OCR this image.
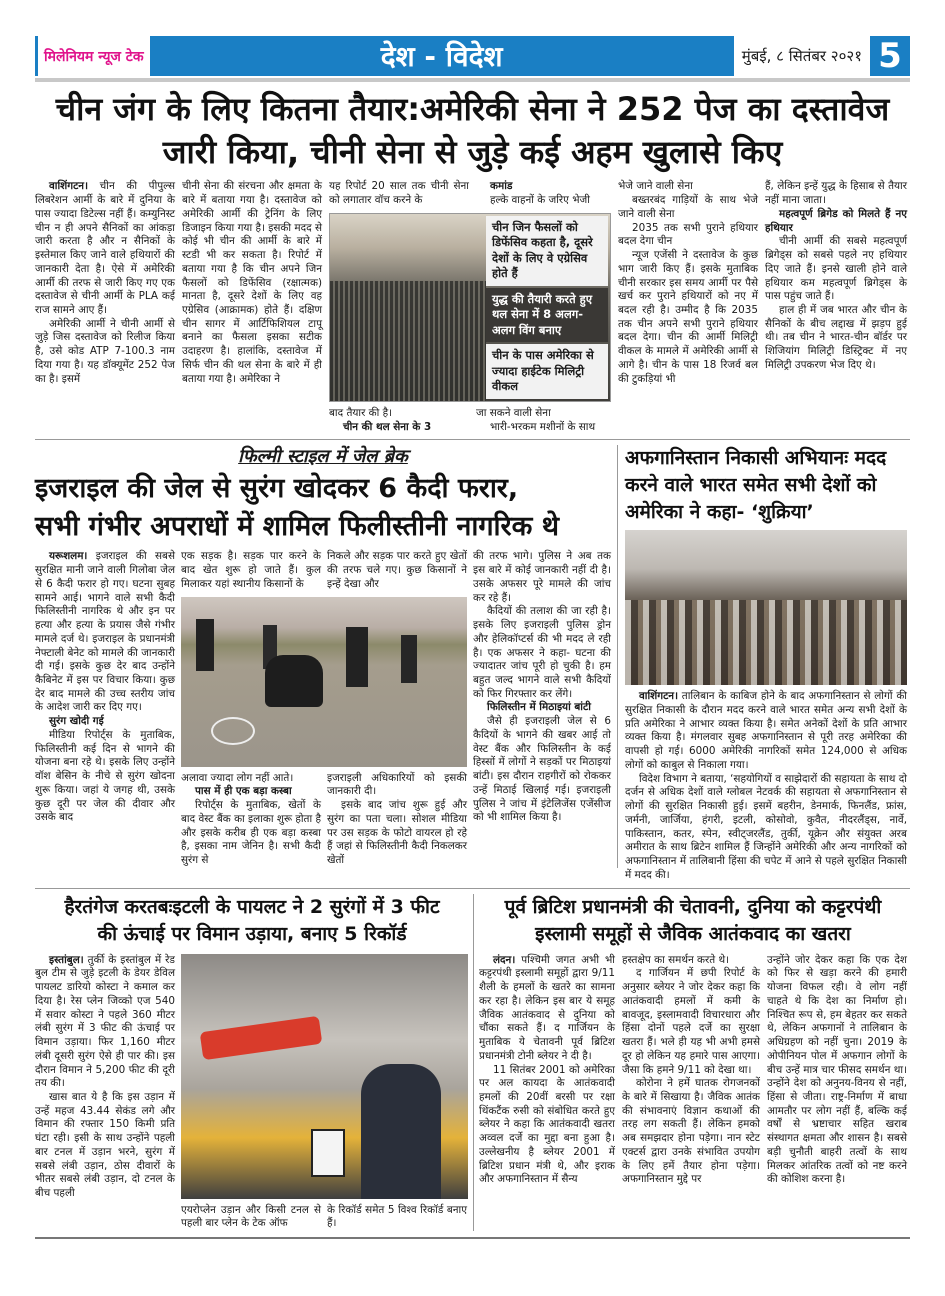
मिलेनियम न्यूज टेक	देश - विदेश	मुंबई, ८ सितंबर २०२१ 5
चीन जंग के लिए कितना तैयार:अमेरिकी सेना ने 252 पेज का दस्तावेज
जारी किया, चीनी सेना से जुड़े कई अहम खुलासे किए

वाशिंगटन। चीन की पीपुल्स लिबरेशन आर्मी के बारे में दुनिया के पास ज्यादा डिटेल्स नहीं हैं। कम्युनिस्ट चीन न ही अपने सैनिकों का आंकड़ा जारी करता है और न सैनिकों के इस्तेमाल किए जाने वाले हथियारों की जानकारी देता है। ऐसे में अमेरिकी आर्मी की तरफ से जारी किए गए एक दस्तावेज से चीनी आर्मी के PLA कई राज सामने आए हैं।

अमेरिकी आर्मी ने चीनी आर्मी से जुड़े जिस दस्तावेज को रिलीज किया है, उसे कोड ATP 7-100.3 नाम दिया गया है। यह डॉक्यूमेंट 252 पेज का है। इसमें

चीनी सेना की संरचना और क्षमता के बारे में बताया गया है। दस्तावेज को अमेरिकी आर्मी की ट्रेनिंग के लिए डिजाइन किया गया है। इसकी मदद से कोई भी चीन की आर्मी के बारे में स्टडी भी कर सकता है। रिपोर्ट में बताया गया है कि चीन अपने जिन फैसलों को डिफेंसिव (रक्षात्मक) मानता है, दूसरे देशों के लिए वह एग्रेसिव (आक्रामक) होते हैं। दक्षिण चीन सागर में आर्टिफिशियल टापू बनाने का फैसला इसका सटीक उदाहरण है। हालांकि, दस्तावेज में सिर्फ चीन की थल सेना के बारे में ही बताया गया है। अमेरिका ने

यह रिपोर्ट 20 साल तक चीनी सेना को लगातार वॉच करने के

कमांड

हल्के वाहनों के जरिए भेजी

चीन जिन फैसलों को डिफेंसिव कहता है, दूसरे देशों के लिए वे एग्रेसिव होते हैं
युद्ध की तैयारी करते हुए थल सेना में 8 अलग-अलग विंग बनाए
चीन के पास अमेरिका से ज्यादा हाईटेक मिलिट्री वीकल

बाद तैयार की है।

चीन की थल सेना के 3

जा सकने वाली सेना

भारी-भरकम मशीनों के साथ

भेजे जाने वाली सेना

बख्तरबंद गाड़ियों के साथ भेजे जाने वाली सेना

2035 तक सभी पुराने हथियार बदल देगा चीन

न्यूज एजेंसी ने दस्तावेज के कुछ भाग जारी किए हैं। इसके मुताबिक चीनी सरकार इस समय आर्मी पर पैसे खर्च कर पुराने हथियारों को नए में बदल रही है। उम्मीद है कि 2035 तक चीन अपने सभी पुराने हथियार बदल देगा। चीन की आर्मी मिलिट्री वीकल के मामले में अमेरिकी आर्मी से आगे है। चीन के पास 18 रिजर्व बल की टुकड़ियां भी

हैं, लेकिन इन्हें युद्ध के हिसाब से तैयार नहीं माना जाता।

महत्वपूर्ण ब्रिगेड को मिलते हैं नए हथियार

चीनी आर्मी की सबसे महत्वपूर्ण ब्रिगेड्स को सबसे पहले नए हथियार दिए जाते हैं। इनसे खाली होने वाले हथियार कम महत्वपूर्ण ब्रिगेड्स के पास पहुंच जाते हैं।

हाल ही में जब भारत और चीन के सैनिकों के बीच लद्दाख में झड़प हुई थी। तब चीन ने भारत-चीन बॉर्डर पर शिजियांग मिलिट्री डिस्ट्रिक्ट में नए मिलिट्री उपकरण भेज दिए थे।

फिल्मी स्टाइल में जेल ब्रेक
इजराइल की जेल से सुरंग खोदकर 6 कैदी फरार,
सभी गंभीर अपराधों में शामिल फिलीस्तीनी नागरिक थे

यरूशलम। इजराइल की सबसे सुरक्षित मानी जाने वाली गिलोबा जेल से 6 कैदी फरार हो गए। घटना सुबह सामने आई। भागने वाले सभी कैदी फिलिस्तीनी नागरिक थे और इन पर हत्या और हत्या के प्रयास जैसे गंभीर मामले दर्ज थे। इजराइल के प्रधानमंत्री नेफ्टाली बेनेट को मामले की जानकारी दी गई। इसके कुछ देर बाद उन्होंने कैबिनेट में इस पर विचार किया। कुछ देर बाद मामले की उच्च स्तरीय जांच के आदेश जारी कर दिए गए।

सुरंग खोदी गई

मीडिया रिपोर्ट्स के मुताबिक, फिलिस्तीनी कई दिन से भागने की योजना बना रहे थे। इसके लिए उन्होंने वॉश बेसिन के नीचे से सुरंग खोदना शुरू किया। जहां ये जगह थी, उसके कुछ दूरी पर जेल की दीवार और उसके बाद

एक सड़क है। सड़क पार करने के बाद खेत शुरू हो जाते हैं। कुल मिलाकर यहां स्थानीय किसानों के

निकले और सड़क पार करते हुए खेतों की तरफ चले गए। कुछ किसानों ने इन्हें देखा और

अलावा ज्यादा लोग नहीं आते।

पास में ही एक बड़ा कस्बा

रिपोर्ट्स के मुताबिक, खेतों के बाद वेस्ट बैंक का इलाका शुरू होता है और इसके करीब ही एक बड़ा कस्बा है, इसका नाम जेनिन है। सभी कैदी सुरंग से

इजराइली अधिकारियों को इसकी जानकारी दी।

इसके बाद जांच शुरू हुई और सुरंग का पता चला। सोशल मीडिया पर उस सड़क के फोटो वायरल हो रहे हैं जहां से फिलिस्तीनी कैदी निकलकर खेतों

की तरफ भागे। पुलिस ने अब तक इस बारे में कोई जानकारी नहीं दी है। उसके अफसर पूरे मामले की जांच कर रहे हैं।

कैदियों की तलाश की जा रही है। इसके लिए इजराइली पुलिस ड्रोन और हेलिकॉप्टर्स की भी मदद ले रही है। एक अफसर ने कहा- घटना की ज्यादातर जांच पूरी हो चुकी है। हम बहुत जल्द भागने वाले सभी कैदियों को फिर गिरफ्तार कर लेंगे।

फिलिस्तीन में मिठाइयां बांटी

जैसे ही इजराइली जेल से 6 कैदियों के भागने की खबर आई तो वेस्ट बैंक और फिलिस्तीन के कई हिस्सों में लोगों ने सड़कों पर मिठाइयां बांटी। इस दौरान राहगीरों को रोककर उन्हें मिठाई खिलाई गई। इजराइली पुलिस ने जांच में इंटेलिजेंस एजेंसीज को भी शामिल किया है।

अफगानिस्तान निकासी अभियानः मदद करने वाले भारत समेत सभी देशों को अमेरिका ने कहा- ‘शुक्रिया’

वाशिंगटन। तालिबान के काबिज होने के बाद अफगानिस्तान से लोगों की सुरक्षित निकासी के दौरान मदद करने वाले भारत समेत अन्य सभी देशों के प्रति अमेरिका ने आभार व्यक्त किया है। समेत अनेकों देशों के प्रति आभार व्यक्त किया है। मंगलवार सुबह अफगानिस्तान से पूरी तरह अमेरिका की वापसी हो गई। 6000 अमेरिकी नागरिकों समेत 124,000 से अधिक लोगों को काबुल से निकाला गया।

विदेश विभाग ने बताया, ‘सहयोगियों व साझेदारों की सहायता के साथ दो दर्जन से अधिक देशों वाले ग्लोबल नेटवर्क की सहायता से अफगानिस्तान से लोगों की सुरक्षित निकासी हुई। इसमें बहरीन, डेनमार्क, फिनलैंड, फ्रांस, जर्मनी, जार्जिया, हंगरी, इटली, कोसोवो, कुवैत, नीदरलैंड्स, नार्वे, पाकिस्तान, कतर, स्पेन, स्वीट्जरलैंड, तुर्की, यूक्रेन और संयुक्त अरब अमीरात के साथ ब्रिटेन शामिल हैं जिन्होंने अमेरिकी और अन्य नागरिकों को अफगानिस्तान में तालिबानी हिंसा की चपेट में आने से पहले सुरक्षित निकासी में मदद की।

हैरतंगेज करतबःइटली के पायलट ने 2 सुरंगों में 3 फीट
की ऊंचाई पर विमान उड़ाया, बनाए 5 रिकॉर्ड

इस्तांबुल। तुर्की के इस्तांबुल में रेड बुल टीम से जुड़े इटली के डेयर डेविल पायलट डारियो कोस्टा ने कमाल कर दिया है। रेस प्लेन जिव्को एज 540 में सवार कोस्टा ने पहले 360 मीटर लंबी सुरंग में 3 फीट की ऊंचाई पर विमान उड़ाया। फिर 1,160 मीटर लंबी दूसरी सुरंग ऐसे ही पार की। इस दौरान विमान ने 5,200 फीट की दूरी तय की।

खास बात ये है कि इस उड़ान में उन्हें महज 43.44 सेकंड लगे और विमान की रफ्तार 150 किमी प्रति घंटा रही। इसी के साथ उन्होंने पहली बार टनल में उड़ान भरने, सुरंग में सबसे लंबी उड़ान, ठोस दीवारों के भीतर सबसे लंबी उड़ान, दो टनल के बीच पहली

एयरोप्लेन उड़ान और किसी टनल से पहली बार प्लेन के टेक ऑफ

के रिकॉर्ड समेत 5 विश्व रिकॉर्ड बनाए हैं।

पूर्व ब्रिटिश प्रधानमंत्री की चेतावनी, दुनिया को कट्टरपंथी
इस्लामी समूहों से जैविक आतंकवाद का खतरा

लंदन। पश्चिमी जगत अभी भी कट्टरपंथी इस्लामी समूहों द्वारा 9/11 शैली के हमलों के खतरे का सामना कर रहा है। लेकिन इस बार ये समूह जैविक आतंकवाद से दुनिया को चौंका सकते हैं। द गार्जियन के मुताबिक ये चेतावनी पूर्व ब्रिटिश प्रधानमंत्री टोनी ब्लेयर ने दी है।

11 सितंबर 2001 को अमेरिका पर अल कायदा के आतंकवादी हमलों की 20वीं बरसी पर रक्षा थिंकटैंक रुसी को संबोधित करते हुए ब्लेयर ने कहा कि आतंकवादी खतरा अव्वल दर्जे का मुद्दा बना हुआ है। उल्लेखनीय है ब्लेयर 2001 में ब्रिटिश प्रधान मंत्री थे, और इराक और अफगानिस्तान में सैन्य

हस्तक्षेप का समर्थन करते थे।

द गार्जियन में छपी रिपोर्ट के अनुसार ब्लेयर ने जोर देकर कहा कि आतंकवादी हमलों में कमी के बावजूद, इस्लामवादी विचारधारा और हिंसा दोनों पहले दर्जे का सुरक्षा खतरा हैं। भले ही यह भी अभी हमसे दूर हो लेकिन यह हमारे पास आएगा। जैसा कि हमने 9/11 को देखा था।

कोरोना ने हमें घातक रोगजनकों के बारे में सिखाया है। जैविक आतंक की संभावनाएं विज्ञान कथाओं की तरह लग सकती हैं। लेकिन हमको अब समझदार होना पड़ेगा। नान स्टेट एक्टर्स द्वारा उनके संभावित उपयोग के लिए हमें तैयार होना पड़ेगा। अफगानिस्तान मुद्दे पर

उन्होंने जोर देकर कहा कि एक देश को फिर से खड़ा करने की हमारी योजना विफल रही। वे लोग नहीं चाहते थे कि देश का निर्माण हो। निश्चित रूप से, हम बेहतर कर सकते थे, लेकिन अफगानों ने तालिबान के अधिग्रहण को नहीं चुना। 2019 के ओपीनियन पोल में अफगान लोगों के बीच उन्हें मात्र चार फीसद समर्थन था। उन्होंने देश को अनुनय-विनय से नहीं, हिंसा से जीता। राष्ट्र-निर्माण में बाधा आमतौर पर लोग नहीं हैं, बल्कि कई वर्षों से भ्रष्टाचार सहित खराब संस्थागत क्षमता और शासन है। सबसे बड़ी चुनौती बाहरी तत्वों के साथ मिलकर आंतरिक तत्वों को नष्ट करने की कोशिश करना है।
